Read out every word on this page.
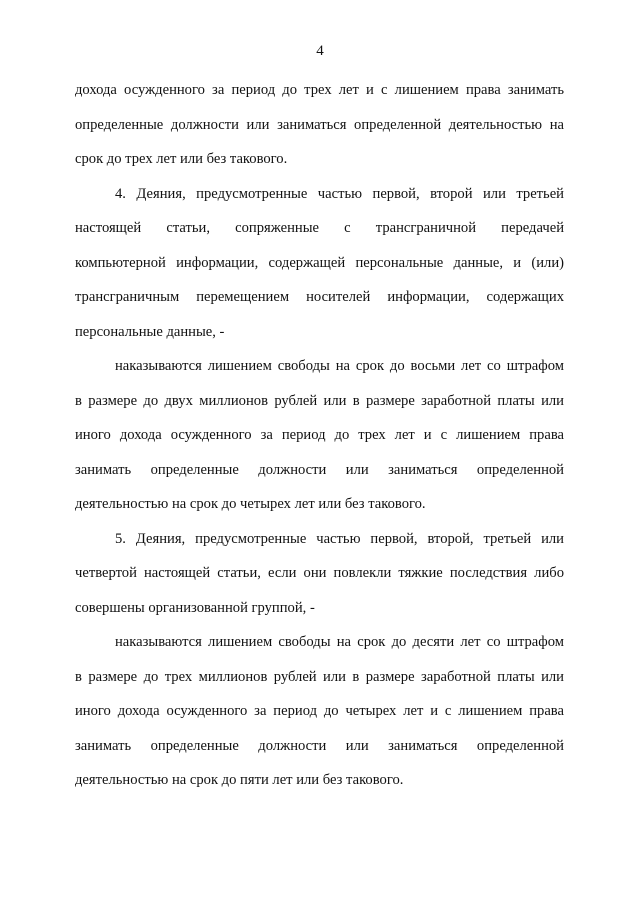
4
дохода осужденного за период до трех лет и с лишением права занимать
определенные должности или заниматься определенной деятельностью на
срок до трех лет или без такового.
4. Деяния, предусмотренные частью первой, второй или третьей
настоящей статьи, сопряженные с трансграничной передачей
компьютерной информации, содержащей персональные данные, и (или)
трансграничным перемещением носителей информации, содержащих
персональные данные, -
наказываются лишением свободы на срок до восьми лет со штрафом
в размере до двух миллионов рублей или в размере заработной платы или
иного дохода осужденного за период до трех лет и с лишением права
занимать определенные должности или заниматься определенной
деятельностью на срок до четырех лет или без такового.
5. Деяния, предусмотренные частью первой, второй, третьей или
четвертой настоящей статьи, если они повлекли тяжкие последствия либо
совершены организованной группой, -
наказываются лишением свободы на срок до десяти лет со штрафом
в размере до трех миллионов рублей или в размере заработной платы или
иного дохода осужденного за период до четырех лет и с лишением права
занимать определенные должности или заниматься определенной
деятельностью на срок до пяти лет или без такового.
